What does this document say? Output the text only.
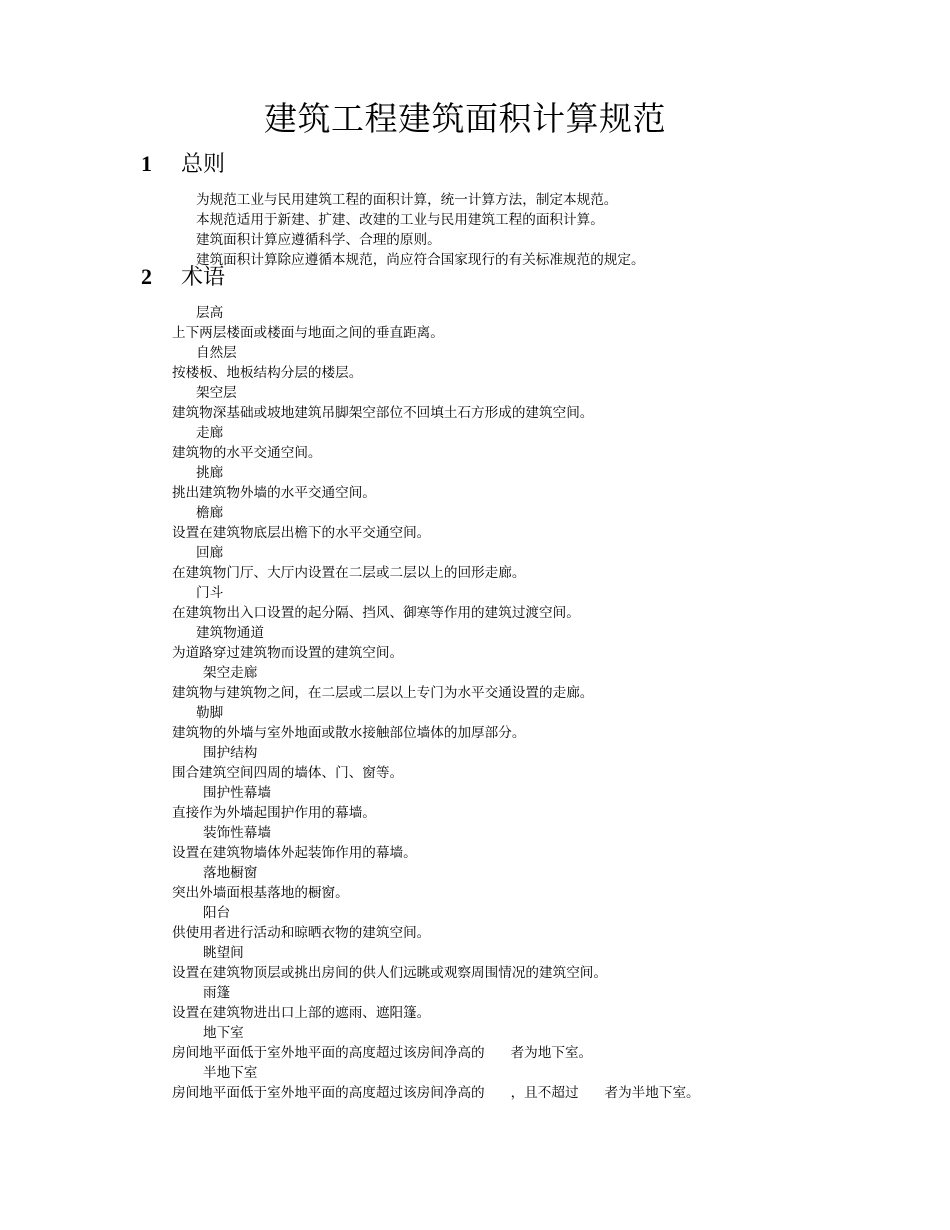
建筑工程建筑面积计算规范
1 总则
为规范工业与民用建筑工程的面积计算，统一计算方法，制定本规范。
本规范适用于新建、扩建、改建的工业与民用建筑工程的面积计算。
建筑面积计算应遵循科学、合理的原则。
建筑面积计算除应遵循本规范，尚应符合国家现行的有关标准规范的规定。
2 术语
层高
上下两层楼面或楼面与地面之间的垂直距离。
自然层
按楼板、地板结构分层的楼层。
架空层
建筑物深基础或坡地建筑吊脚架空部位不回填土石方形成的建筑空间。
走廊
建筑物的水平交通空间。
挑廊
挑出建筑物外墙的水平交通空间。
檐廊
设置在建筑物底层出檐下的水平交通空间。
回廊
在建筑物门厅、大厅内设置在二层或二层以上的回形走廊。
门斗
在建筑物出入口设置的起分隔、挡风、御寒等作用的建筑过渡空间。
建筑物通道
为道路穿过建筑物而设置的建筑空间。
架空走廊
建筑物与建筑物之间，在二层或二层以上专门为水平交通设置的走廊。
勒脚
建筑物的外墙与室外地面或散水接触部位墙体的加厚部分。
围护结构
围合建筑空间四周的墙体、门、窗等。
围护性幕墙
直接作为外墙起围护作用的幕墙。
装饰性幕墙
设置在建筑物墙体外起装饰作用的幕墙。
落地橱窗
突出外墙面根基落地的橱窗。
阳台
供使用者进行活动和晾晒衣物的建筑空间。
眺望间
设置在建筑物顶层或挑出房间的供人们远眺或观察周围情况的建筑空间。
雨篷
设置在建筑物进出口上部的遮雨、遮阳篷。
地下室
房间地平面低于室外地平面的高度超过该房间净高的      者为地下室。
半地下室
房间地平面低于室外地平面的高度超过该房间净高的      ，且不超过      者为半地下室。
